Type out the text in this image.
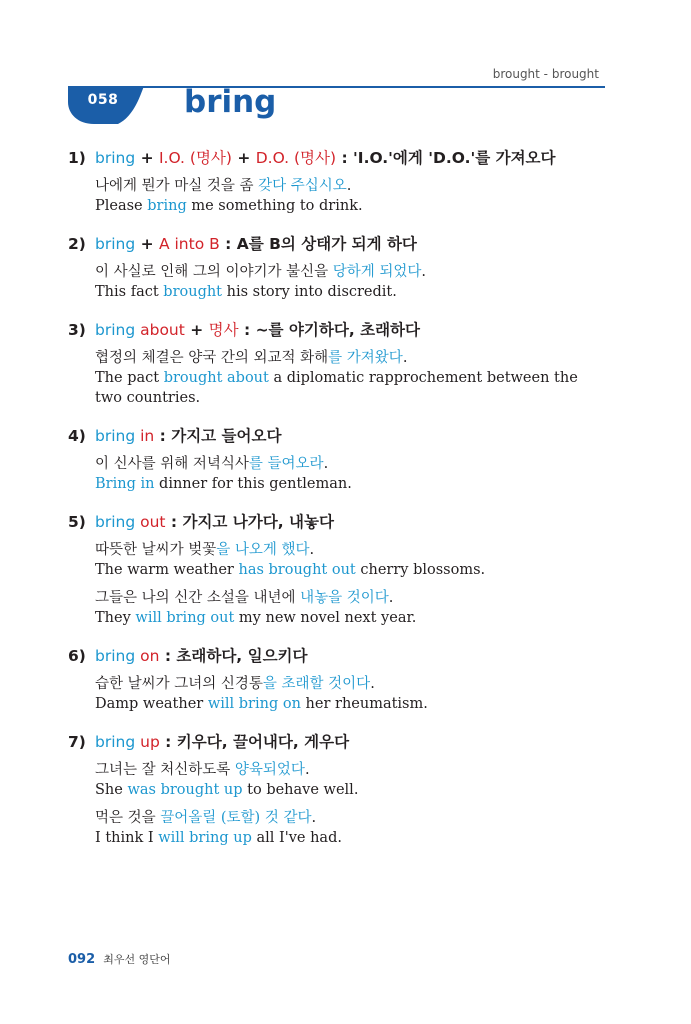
brought - brought
058	bring
1) bring + I.O. (명사) + D.O. (명사) : 'I.O.'에게 'D.O.'를 가져오다
나에게 뭔가 마실 것을 좀 갖다 주십시오.
Please bring me something to drink.
2) bring + A into B : A를 B의 상태가 되게 하다
이 사실로 인해 그의 이야기가 불신을 당하게 되었다.
This fact brought his story into discredit.
3) bring about + 명사 : ~를 야기하다, 초래하다
협정의 체결은 양국 간의 외교적 화해를 가져왔다.
The pact brought about a diplomatic rapprochement between the two countries.
4) bring in : 가지고 들어오다
이 신사를 위해 저녁식사를 들여오라.
Bring in dinner for this gentleman.
5) bring out : 가지고 나가다, 내놓다
따뜻한 날씨가 벚꽃을 나오게 했다.
The warm weather has brought out cherry blossoms.
그들은 나의 신간 소설을 내년에 내놓을 것이다.
They will bring out my new novel next year.
6) bring on : 초래하다, 일으키다
습한 날씨가 그녀의 신경통을 초래할 것이다.
Damp weather will bring on her rheumatism.
7) bring up : 키우다, 끌어내다, 게우다
그녀는 잘 처신하도록 양육되었다.
She was brought up to behave well.
먹은 것을 끌어올릴 (토할) 것 같다.
I think I will bring up all I've had.
092 최우선 영단어
